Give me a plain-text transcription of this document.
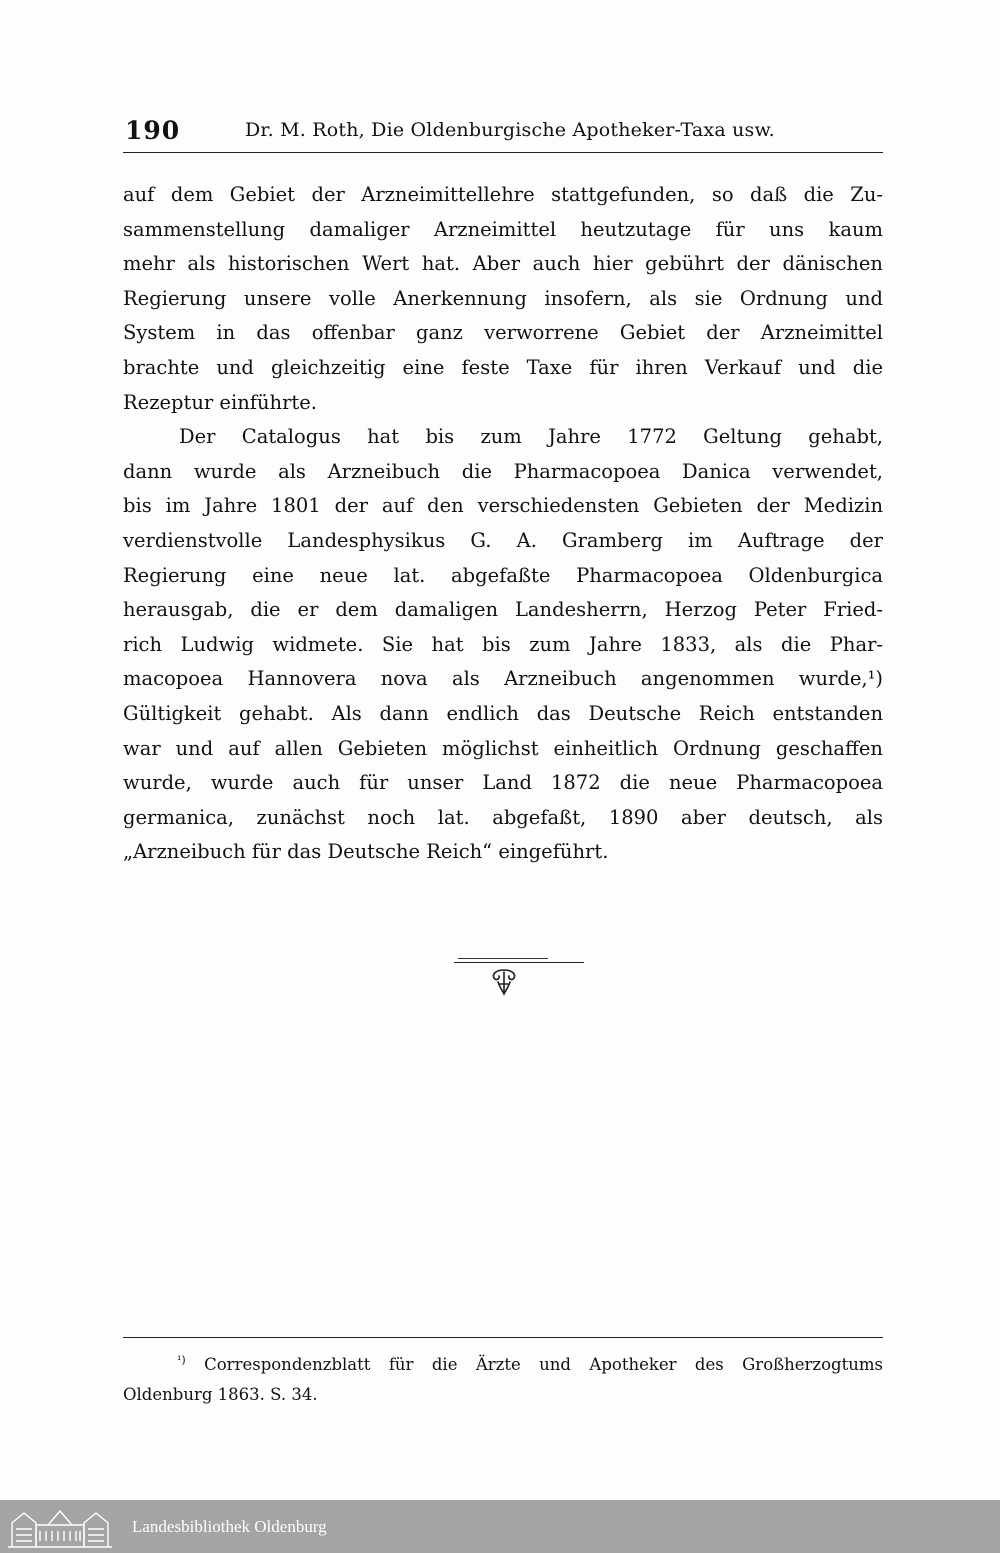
190	Dr. M. Roth, Die Oldenburgische Apotheker-Taxa usw.
auf dem Gebiet der Arzneimittellehre stattgefunden, so daß die Zu-
sammenstellung damaliger Arzneimittel heutzutage für uns kaum
mehr als historischen Wert hat. Aber auch hier gebührt der dänischen
Regierung unsere volle Anerkennung insofern, als sie Ordnung und
System in das offenbar ganz verworrene Gebiet der Arzneimittel
brachte und gleichzeitig eine feste Taxe für ihren Verkauf und die
Rezeptur einführte.
Der Catalogus hat bis zum Jahre 1772 Geltung gehabt,
dann wurde als Arzneibuch die Pharmacopoea Danica verwendet,
bis im Jahre 1801 der auf den verschiedensten Gebieten der Medizin
verdienstvolle Landesphysikus G. A. Gramberg im Auftrage der
Regierung eine neue lat. abgefaßte Pharmacopoea Oldenburgica
herausgab, die er dem damaligen Landesherrn, Herzog Peter Fried-
rich Ludwig widmete. Sie hat bis zum Jahre 1833, als die Phar-
macopoea Hannovera nova als Arzneibuch angenommen wurde,¹)
Gültigkeit gehabt. Als dann endlich das Deutsche Reich entstanden
war und auf allen Gebieten möglichst einheitlich Ordnung geschaffen
wurde, wurde auch für unser Land 1872 die neue Pharmacopoea
germanica, zunächst noch lat. abgefaßt, 1890 aber deutsch, als
„Arzneibuch für das Deutsche Reich“ eingeführt.
$^{^1)}$ Correspondenzblatt für die Ärzte und Apotheker des Großherzogtums
Oldenburg 1863. S. 34.
Landesbibliothek Oldenburg
